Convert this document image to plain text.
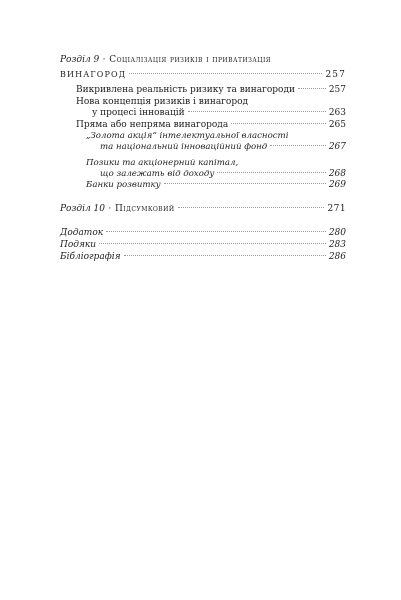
Розділ 9 · Соціалізація ризиків і приватизація
ВИНАГОРОД	257
Викривлена реальність ризику та винагороди	257
Нова концепція ризиків і винагород
у процесі інновацій	263
Пряма або непряма винагорода	265
„Золота акція“ інтелектуальної власності
та національний інноваційний фонд	267
Позики та акціонерний капітал,
що залежать від доходу	268
Банки розвитку	269
Розділ 10 · Підсумковий	271
Додаток	280
Подяки	283
Бібліографія	286
